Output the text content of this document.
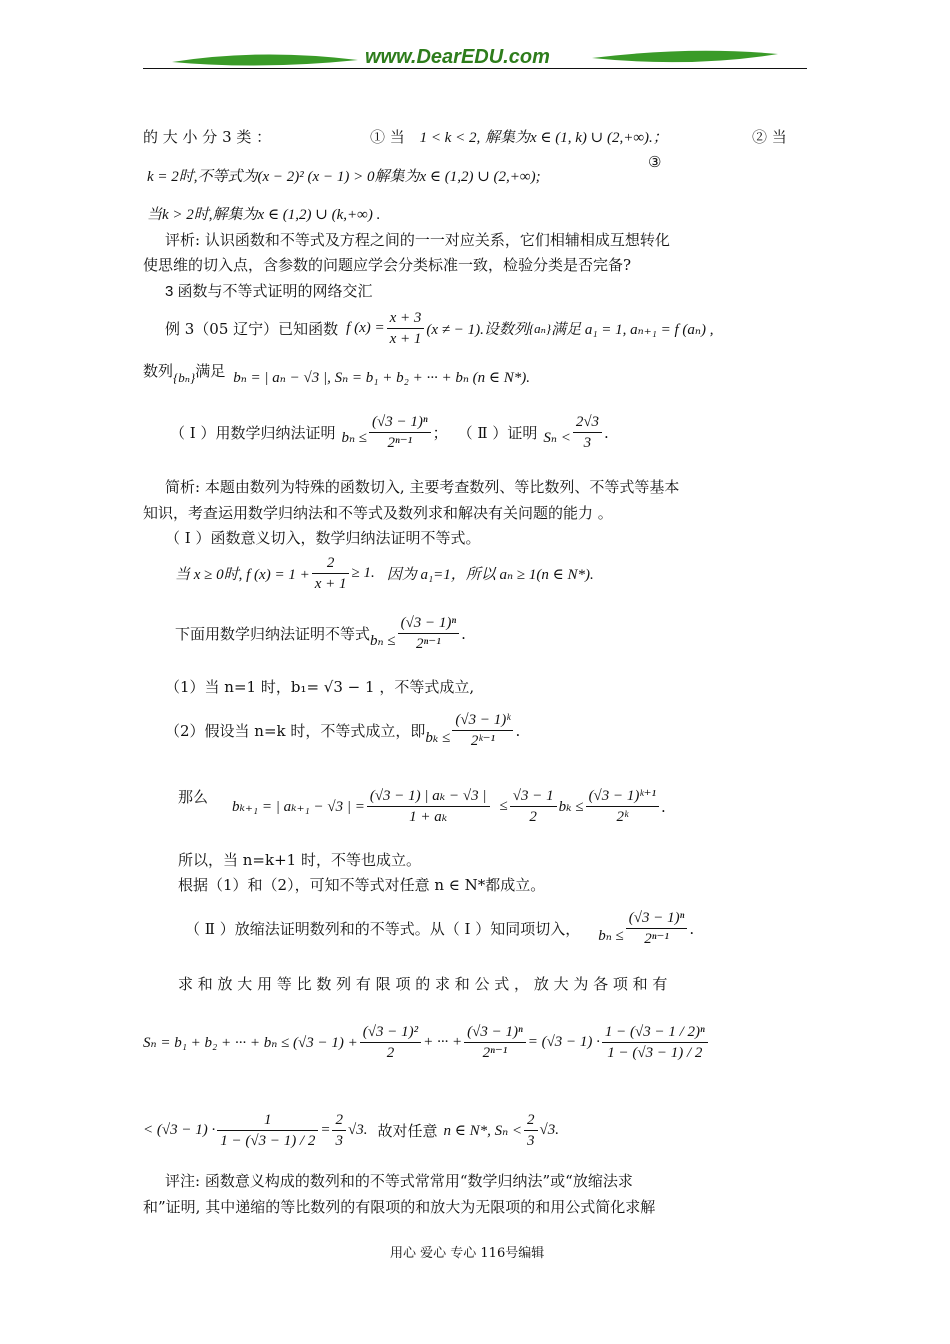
www.DearEDU.com
的 大 小 分 3 类 ：	① 当 1 < k < 2, 解集为x ∈ (1, k) ∪ (2,+∞).；	② 当
k = 2时,不等式为(x − 2)² (x − 1) > 0解集为x ∈ (1,2) ∪ (2,+∞);
③
当k > 2时,解集为x ∈ (1,2) ∪ (k,+∞) .
评析: 认识函数和不等式及方程之间的一一对应关系，它们相辅相成互想转化
使思维的切入点，含参数的问题应学会分类标准一致，检验分类是否完备?
3 函数与不等式证明的网络交汇
例 3（05 辽宁）已知函数 f $(x) = \frac{x + 3}{x + 1} (x$ ≠ − 1).设数列 {aₙ} 满足 a₁ = 1, aₙ₊₁ = f (aₙ) ,
数列 {bₙ} 满足 bₙ = | aₙ − √3 |, Sₙ = b₁ + b₂ + ··· + bₙ (n ∈ N*).
（ Ⅰ ）用数学归纳法证明 $b_n \le \frac{\text{(√3 − 1)ⁿ}}{\text{2ⁿ⁻¹}}$ ； （ Ⅱ ）证明 $S_n < \frac{2√3}{3}$ .
简析: 本题由数列为特殊的函数切入, 主要考查数列、等比数列、不等式等基本
知识，考查运用数学归纳法和不等式及数列求和解决有关问题的能力 。
（ Ⅰ ）函数意义切入，数学归纳法证明不等式。
当 x ≥ 0时, f $(x) = 1 + \frac{2}{x + 1} \ge 1$. 因为 a₁=1，所以 aₙ ≥ 1(n ∈ N*).
下面用数学归纳法证明不等式 $b_n \le \frac{\text{(√3 − 1)ⁿ}}{\text{2ⁿ⁻¹}}$ .
（1）当 n=1 时，b₁= √3 − 1 ，不等式成立,
（2）假设当 n=k 时，不等式成立，即 $b_k \le \frac{\text{(√3 − 1)ᵏ}}{\text{2ᵏ⁻¹}}$ .
那么
bₖ₊₁ = | aₖ₊₁ − √3 | = $\frac{\text{(√3 − 1) | aₖ − √3 |}}{\text{1 + aₖ}} \le \frac{√3 - 1}{2}$ $b_k \le \frac{\text{(√3 − 1)ᵏ⁺¹}}{\text{2ᵏ}}$ .
所以，当 n=k+1 时，不等也成立。
根据（1）和（2），可知不等式对任意 n ∈ N*都成立。
（ Ⅱ ）放缩法证明数列和的不等式。从（ Ⅰ ）知同项切入， $b_n \le \frac{\text{(√3 − 1)ⁿ}}{\text{2ⁿ⁻¹}}$ .
求 和 放 大 用 等 比 数 列 有 限 项 的 求 和 公 式 ， 放 大 为 各 项 和 有
Sₙ = b₁ + b₂ + ··· + $b_n \le (√3 - 1) + \frac{\text{(√3 − 1)²}}{2}$ + ··· + $\frac{\text{(√3 − 1)ⁿ}}{\text{2ⁿ⁻¹}} = (√3 - 1) \cdot \frac{\text{1 − (√3 − 1 / 2)ⁿ}}{1 - (√3 - 1) / 2}$
< $(√3 - 1) \cdot \frac{1}{1 - (√3 - 1) / 2} = \frac{2}{3} √3$. 故对任意 n ∈ N*, $S_n < \frac{2}{3} √3$.
评注: 函数意义构成的数列和的不等式常常用“数学归纳法”或“放缩法求
和”证明, 其中递缩的等比数列的有限项的和放大为无限项的和用公式简化求解
用心 爱心 专心 116号编辑
